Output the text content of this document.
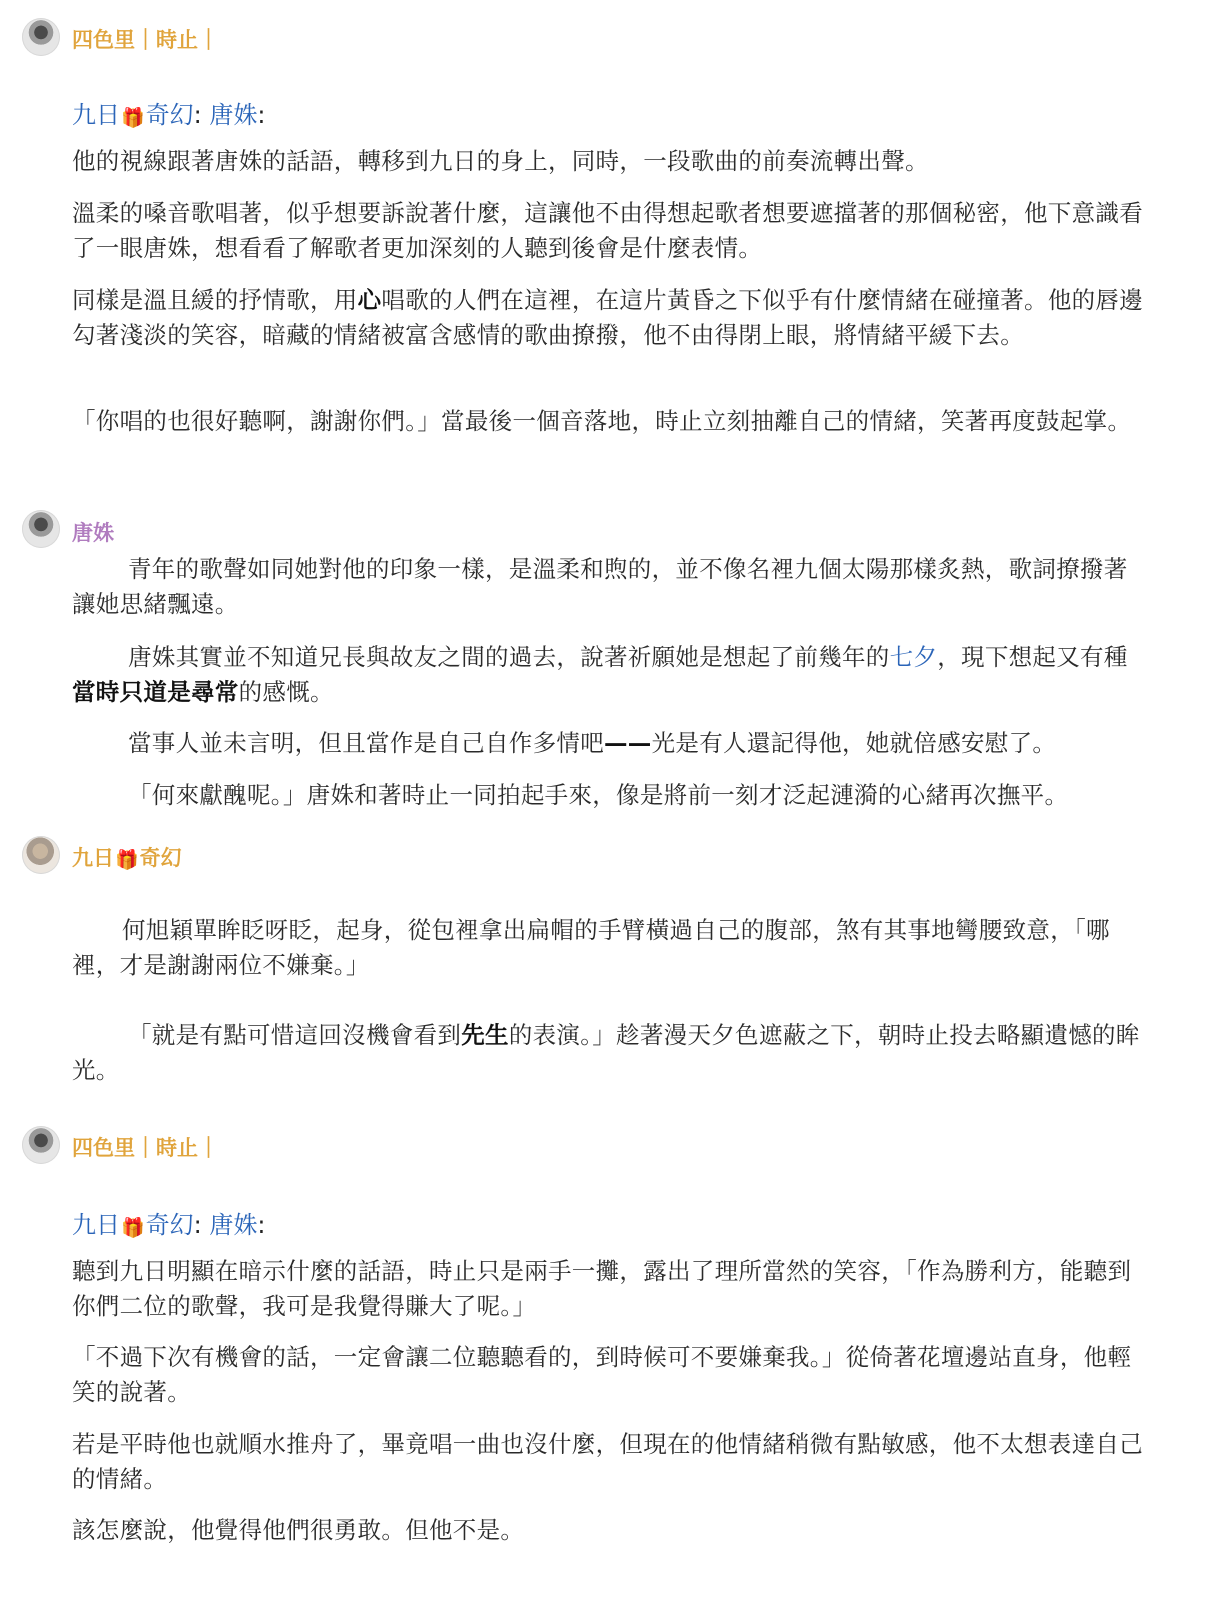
四色里｜時止｜
九日🎁奇幻: 唐姝:
他的視線跟著唐姝的話語，轉移到九日的身上，同時，一段歌曲的前奏流轉出聲。
溫柔的嗓音歌唱著，似乎想要訴說著什麼，這讓他不由得想起歌者想要遮擋著的那個秘密，他下意識看了一眼唐姝，想看看了解歌者更加深刻的人聽到後會是什麼表情。
同樣是溫且緩的抒情歌，用心唱歌的人們在這裡，在這片黃昏之下似乎有什麼情緒在碰撞著。他的唇邊勾著淺淡的笑容，暗藏的情緒被富含感情的歌曲撩撥，他不由得閉上眼，將情緒平緩下去。
「你唱的也很好聽啊，謝謝你們。」當最後一個音落地，時止立刻抽離自己的情緒，笑著再度鼓起掌。
唐姝
青年的歌聲如同她對他的印象一樣，是溫柔和煦的，並不像名裡九個太陽那樣炙熱，歌詞撩撥著讓她思緒飄遠。
唐姝其實並不知道兄長與故友之間的過去，說著祈願她是想起了前幾年的七夕，現下想起又有種當時只道是尋常的感慨。
當事人並未言明，但且當作是自己自作多情吧——光是有人還記得他，她就倍感安慰了。
「何來獻醜呢。」唐姝和著時止一同拍起手來，像是將前一刻才泛起漣漪的心緒再次撫平。
九日🎁奇幻
何旭穎單眸眨呀眨，起身，從包裡拿出扁帽的手臂橫過自己的腹部，煞有其事地彎腰致意，「哪裡，才是謝謝兩位不嫌棄。」
「就是有點可惜這回沒機會看到先生的表演。」趁著漫天夕色遮蔽之下，朝時止投去略顯遺憾的眸光。
四色里｜時止｜
九日🎁奇幻: 唐姝:
聽到九日明顯在暗示什麼的話語，時止只是兩手一攤，露出了理所當然的笑容，「作為勝利方，能聽到你們二位的歌聲，我可是我覺得賺大了呢。」
「不過下次有機會的話，一定會讓二位聽聽看的，到時候可不要嫌棄我。」從倚著花壇邊站直身，他輕笑的說著。
若是平時他也就順水推舟了，畢竟唱一曲也沒什麼，但現在的他情緒稍微有點敏感，他不太想表達自己的情緒。
該怎麼說，他覺得他們很勇敢。但他不是。
